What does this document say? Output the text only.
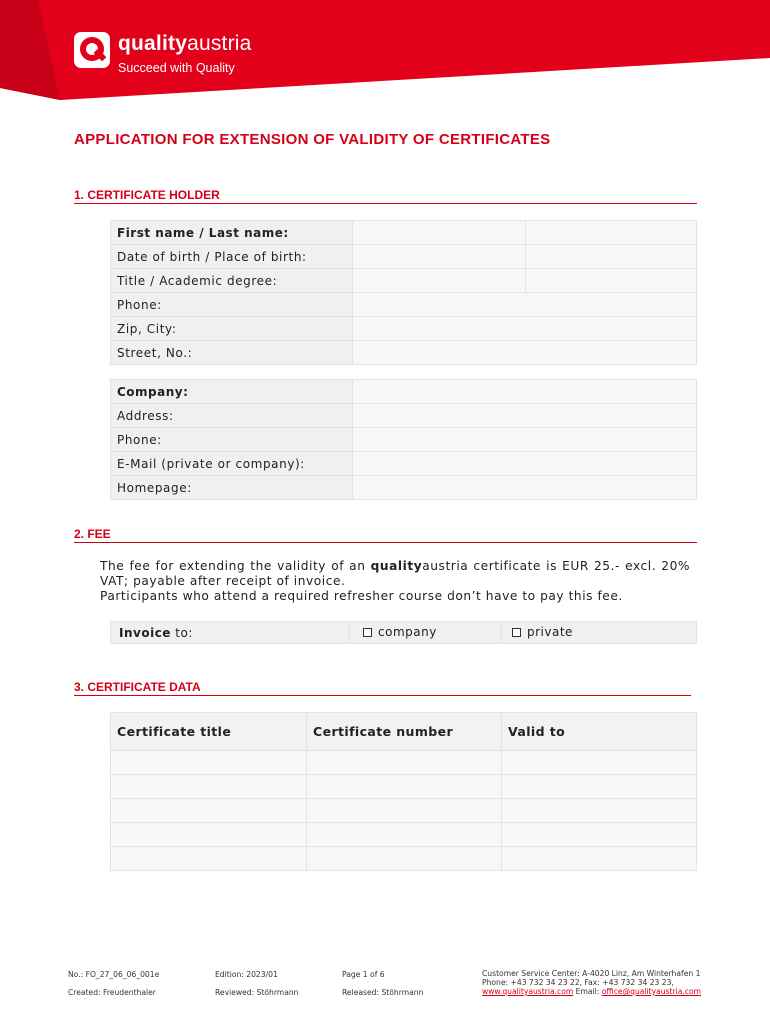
qualityaustria
Succeed with Quality
APPLICATION FOR EXTENSION OF VALIDITY OF CERTIFICATES
1. CERTIFICATE HOLDER
First name / Last name:		
Date of birth / Place of birth:		
Title / Academic degree:		
Phone:		
Zip, City:		
Street, No.:		
Company:	
Address:	
Phone:	
E-Mail (private or company):	
Homepage:	
2. FEE
The fee for extending the validity of an qualityaustria certificate is EUR 25.- excl. 20% VAT; payable after receipt of invoice.
Participants who attend a required refresher course don’t have to pay this fee.
Invoice to:	company	private
3. CERTIFICATE DATA
Certificate title	Certificate number	Valid to

No.: FO_27_06_06_001e
Created: Freudenthaler
Edition: 2023/01
Reviewed: Stöhrmann
Page 1 of 6
Released: Stöhrmann
Customer Service Center: A-4020 Linz, Am Winterhafen 1
Phone: +43 732 34 23 22, Fax: +43 732 34 23 23,
www.qualityaustria.com Email: office@qualityaustria.com
